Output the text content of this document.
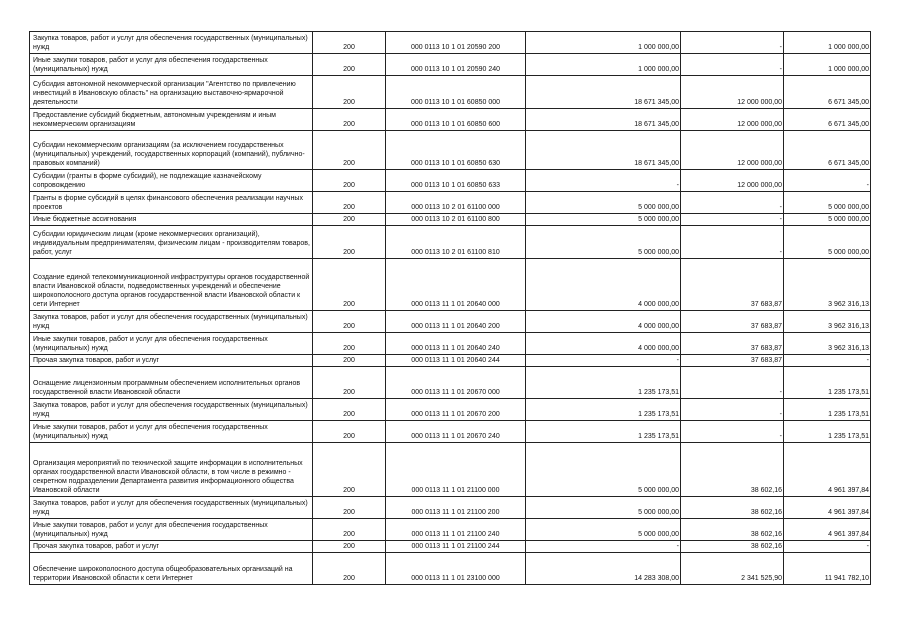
Закупка товаров, работ и услуг для обеспечения государственных (муниципальных) нужд	200	000 0113 10 1 01 20590 200	1 000 000,00	-	1 000 000,00
Иные закупки товаров, работ и услуг для обеспечения государственных (муниципальных) нужд	200	000 0113 10 1 01 20590 240	1 000 000,00	-	1 000 000,00
Субсидия автономной некоммерческой организации "Агентство по привлечению инвестиций в Ивановскую область" на организацию выставочно-ярмарочной деятельности	200	000 0113 10 1 01 60850 000	18 671 345,00	12 000 000,00	6 671 345,00
Предоставление субсидий бюджетным, автономным учреждениям и иным некоммерческим организациям	200	000 0113 10 1 01 60850 600	18 671 345,00	12 000 000,00	6 671 345,00
Субсидии некоммерческим организациям (за исключением государственных (муниципальных) учреждений, государственных корпораций (компаний), публично-правовых компаний)	200	000 0113 10 1 01 60850 630	18 671 345,00	12 000 000,00	6 671 345,00
Субсидии (гранты в форме субсидий), не подлежащие казначейскому сопровождению	200	000 0113 10 1 01 60850 633	-	12 000 000,00	-
Гранты в форме субсидий в целях финансового обеспечения реализации научных проектов	200	000 0113 10 2 01 61100 000	5 000 000,00	-	5 000 000,00
Иные бюджетные ассигнования	200	000 0113 10 2 01 61100 800	5 000 000,00	-	5 000 000,00
Субсидии юридическим лицам (кроме некоммерческих организаций), индивидуальным предпринимателям, физическим лицам - производителям товаров, работ, услуг	200	000 0113 10 2 01 61100 810	5 000 000,00	-	5 000 000,00
Создание единой телекоммуникационной инфраструктуры органов государственной власти Ивановской области, подведомственных учреждений и обеспечение широкополосного доступа органов государственной власти Ивановской области к сети Интернет	200	000 0113 11 1 01 20640 000	4 000 000,00	37 683,87	3 962 316,13
Закупка товаров, работ и услуг для обеспечения государственных (муниципальных) нужд	200	000 0113 11 1 01 20640 200	4 000 000,00	37 683,87	3 962 316,13
Иные закупки товаров, работ и услуг для обеспечения государственных (муниципальных) нужд	200	000 0113 11 1 01 20640 240	4 000 000,00	37 683,87	3 962 316,13
Прочая закупка товаров, работ и услуг	200	000 0113 11 1 01 20640 244	-	37 683,87	-
Оснащение лицензионным программным обеспечением исполнительных органов государственной власти Ивановской области	200	000 0113 11 1 01 20670 000	1 235 173,51	-	1 235 173,51
Закупка товаров, работ и услуг для обеспечения государственных (муниципальных) нужд	200	000 0113 11 1 01 20670 200	1 235 173,51	-	1 235 173,51
Иные закупки товаров, работ и услуг для обеспечения государственных (муниципальных) нужд	200	000 0113 11 1 01 20670 240	1 235 173,51	-	1 235 173,51
Организация мероприятий по технической защите информации в исполнительных органах государственной власти Ивановской области, в том числе в режимно - секретном подразделении Департамента развития информационного общества Ивановской области	200	000 0113 11 1 01 21100 000	5 000 000,00	38 602,16	4 961 397,84
Закупка товаров, работ и услуг для обеспечения государственных (муниципальных) нужд	200	000 0113 11 1 01 21100 200	5 000 000,00	38 602,16	4 961 397,84
Иные закупки товаров, работ и услуг для обеспечения государственных (муниципальных) нужд	200	000 0113 11 1 01 21100 240	5 000 000,00	38 602,16	4 961 397,84
Прочая закупка товаров, работ и услуг	200	000 0113 11 1 01 21100 244	-	38 602,16	-
Обеспечение широкополосного доступа общеобразовательных организаций на территории Ивановской области к сети Интернет	200	000 0113 11 1 01 23100 000	14 283 308,00	2 341 525,90	11 941 782,10
